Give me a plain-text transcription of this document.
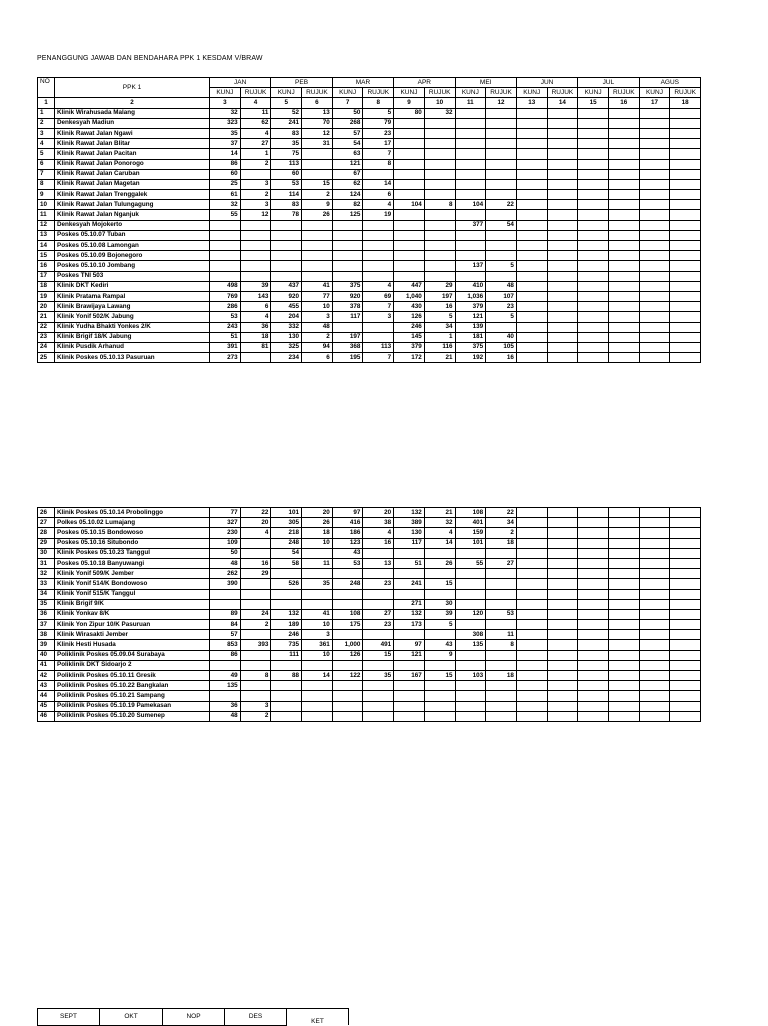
PENANGGUNG JAWAB DAN BENDAHARA PPK 1 KESDAM V/BRAW
NO	PPK 1	JAN		PEB		MAR		APR		MEI		JUN		JUL		AGUS	
		KUNJ	RUJUK	KUNJ	RUJUK	KUNJ	RUJUK	KUNJ	RUJUK	KUNJ	RUJUK	KUNJ	RUJUK	KUNJ	RUJUK	KUNJ	RUJUK
1	2	3	4	5	6	7	8	9	10	11	12	13	14	15	16	17	18
1	Klinik Wirahusada Malang	32	11	52	13	50	5	80	32								
2	Denkesyah Madiun	323	62	241	70	268	79										
3	Klinik Rawat Jalan Ngawi	35	4	83	12	57	23										
4	Klinik Rawat Jalan Blitar	37	27	35	31	54	17										
5	Klinik Rawat Jalan Pacitan	14	1	75		63	7										
6	Klinik Rawat Jalan Ponorogo	86	2	113		121	8										
7	Klinik Rawat Jalan Caruban	60		60		67											
8	Klinik Rawat Jalan Magetan	25	3	53	15	62	14										
9	Klinik Rawat Jalan Trenggalek	61	2	114	2	124	6										
10	Klinik Rawat Jalan Tulungagung	32	3	83	9	82	4	104	8	104	22						
11	Klinik Rawat Jalan Nganjuk	55	12	78	26	125	19										
12	Denkesyah Mojokerto									377	54						
13	Poskes 05.10.07 Tuban																
14	Poskes 05.10.08 Lamongan																
15	Poskes 05.10.09 Bojonegoro																
16	Poskes 05.10.10 Jombang									137	5						
17	Poskes TNI 503																
18	Klinik DKT Kediri	498	39	437	41	375	4	447	29	410	48						
19	Klinik Pratama Rampal	769	143	920	77	920	69	1,040	197	1,036	107						
20	Klinik Brawijaya Lawang	286	6	455	10	378	7	430	16	379	23						
21	Klinik Yonif 502/K Jabung	53	4	204	3	117	3	126	5	121	5						
22	Klinik Yudha Bhakti Yonkes 2/K	243	36	332	48			246	34	139							
23	Klinik Brigif 18/K Jabung	51	18	130	2	197		145	1	181	40						
24	Klinik Pusdik Arhanud	391	81	325	94	368	113	379	116	375	105						
25	Klinik Poskes 05.10.13 Pasuruan	273		234	6	195	7	172	21	192	16						
26	Klinik Poskes 05.10.14 Probolinggo	77	22	101	20	97	20	132	21	108	22						
27	Polkes 05.10.02 Lumajang	327	20	305	26	416	38	389	32	401	34						
28	Poskes 05.10.15 Bondowoso	230	4	218	18	186	4	130	4	159	2						
29	Poskes 05.10.16 Situbondo	109		248	10	123	16	117	14	101	18						
30	Klinik Poskes 05.10.23 Tanggul	50		54		43											
31	Poskes 05.10.18 Banyuwangi	48	16	58	11	53	13	51	26	55	27						
32	Klinik Yonif 509/K Jember	262	29														
33	Klinik Yonif 514/K Bondowoso	390		526	35	248	23	241	15								
34	Klinik Yonif 515/K Tanggul																
35	Klinik Brigif 9/K							271	30								
36	Klinik Yonkav 8/K	89	24	132	41	108	27	132	39	120	53						
37	Klinik Yon Zipur 10/K Pasuruan	84	2	189	10	175	23	173	5								
38	Klinik Wirasakti Jember	57		246	3					308	11						
39	Klinik Hesti Husada	853	393	735	361	1,000	491	97	43	135	8						
40	Poliklinik Poskes 05.09.04 Surabaya	86		111	10	126	15	121	9								
41	Poliklinik DKT Sidoarjo 2																
42	Poliklinik Poskes 05.10.11 Gresik	49	8	88	14	122	35	167	15	103	18						
43	Poliklinik Poskes 05.10.22 Bangkalan	135															
44	Poliklinik Poskes 05.10.21 Sampang																
45	Poliklinik Poskes 05.10.19 Pamekasan	36	3														
46	Poliklinik Poskes 05.10.20 Sumenep	48	2														
SEPT	OKT	NOP	DES	KET
